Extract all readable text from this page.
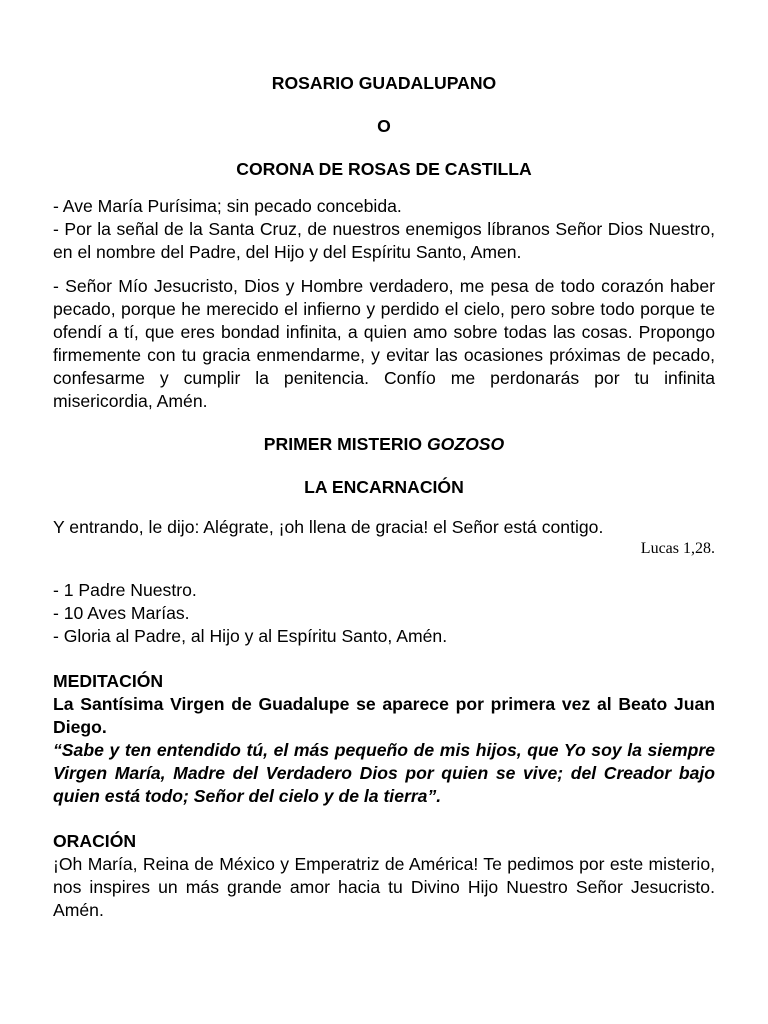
ROSARIO GUADALUPANO

O

CORONA DE ROSAS DE CASTILLA

- Ave María Purísima; sin pecado concebida.

- Por la señal de la Santa Cruz, de nuestros enemigos líbranos Señor Dios Nuestro, en el nombre del Padre, del Hijo y del Espíritu Santo, Amen.

- Señor Mío Jesucristo, Dios y Hombre verdadero, me pesa de todo corazón haber pecado, porque he merecido el infierno y perdido el cielo, pero sobre todo porque te ofendí a tí, que eres bondad infinita, a quien amo sobre todas las cosas. Propongo firmemente con tu gracia enmendarme, y evitar las ocasiones próximas de pecado, confesarme y cumplir la penitencia. Confío me perdonarás por tu infinita misericordia, Amén.

PRIMER MISTERIO GOZOSO

LA ENCARNACIÓN

Y entrando, le dijo: Alégrate, ¡oh llena de gracia! el Señor está contigo.

Lucas 1,28.

- 1 Padre Nuestro.

- 10 Aves Marías.

- Gloria al Padre, al Hijo y al Espíritu Santo, Amén.

MEDITACIÓN

La Santísima Virgen de Guadalupe se aparece por primera vez al Beato Juan Diego.

“Sabe y ten entendido tú, el más pequeño de mis hijos, que Yo soy la siempre Virgen María, Madre del Verdadero Dios por quien se vive; del Creador bajo quien está todo; Señor del cielo y de la tierra”.

ORACIÓN

¡Oh María, Reina de México y Emperatriz de América! Te pedimos por este misterio, nos inspires un más grande amor hacia tu Divino Hijo Nuestro Señor Jesucristo. Amén.
